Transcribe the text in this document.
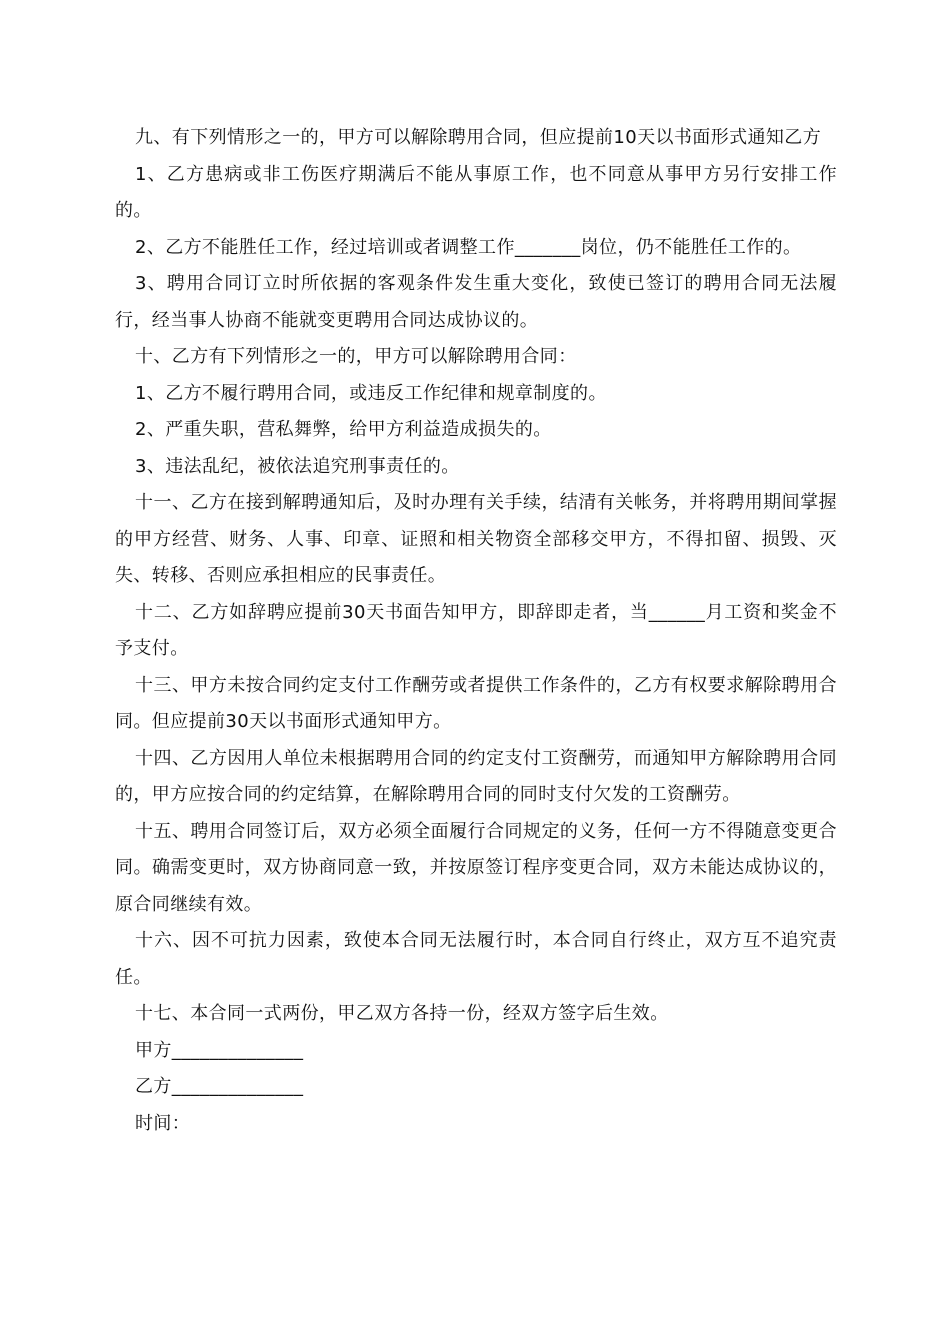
九、有下列情形之一的，甲方可以解除聘用合同，但应提前10天以书面形式通知乙方

1、乙方患病或非工伤医疗期满后不能从事原工作，也不同意从事甲方另行安排工作的。

2、乙方不能胜任工作，经过培训或者调整工作_______岗位，仍不能胜任工作的。

3、聘用合同订立时所依据的客观条件发生重大变化，致使已签订的聘用合同无法履行，经当事人协商不能就变更聘用合同达成协议的。

十、乙方有下列情形之一的，甲方可以解除聘用合同：

1、乙方不履行聘用合同，或违反工作纪律和规章制度的。

2、严重失职，营私舞弊，给甲方利益造成损失的。

3、违法乱纪，被依法追究刑事责任的。

十一、乙方在接到解聘通知后，及时办理有关手续，结清有关帐务，并将聘用期间掌握的甲方经营、财务、人事、印章、证照和相关物资全部移交甲方，不得扣留、损毁、灭失、转移、否则应承担相应的民事责任。

十二、乙方如辞聘应提前30天书面告知甲方，即辞即走者，当______月工资和奖金不予支付。

十三、甲方未按合同约定支付工作酬劳或者提供工作条件的，乙方有权要求解除聘用合同。但应提前30天以书面形式通知甲方。

十四、乙方因用人单位未根据聘用合同的约定支付工资酬劳，而通知甲方解除聘用合同的，甲方应按合同的约定结算，在解除聘用合同的同时支付欠发的工资酬劳。

十五、聘用合同签订后，双方必须全面履行合同规定的义务，任何一方不得随意变更合同。确需变更时，双方协商同意一致，并按原签订程序变更合同，双方未能达成协议的，原合同继续有效。

十六、因不可抗力因素，致使本合同无法履行时，本合同自行终止，双方互不追究责任。

十七、本合同一式两份，甲乙双方各持一份，经双方签字后生效。

甲方______________

乙方______________

时间：
